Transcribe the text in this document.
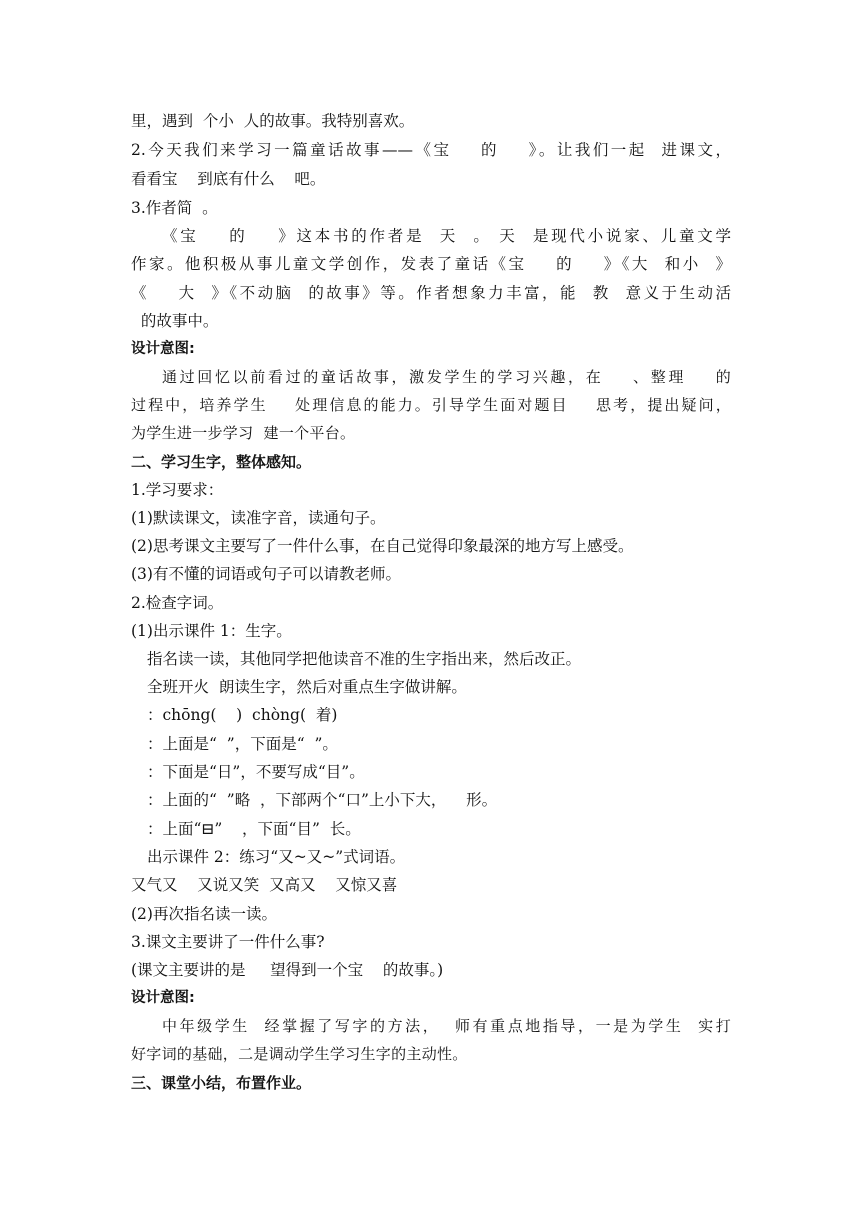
里，遇到  个小  人的故事。我特别喜欢。
2.今天我们来学习一篇童话故事——《宝    的    》。让我们一起  进课文，
看看宝    到底有什么    吧。
3.作者简  。
《宝    的    》这本书的作者是  天  。 天  是现代小说家、儿童文学
作家。他积极从事儿童文学创作，发表了童话《宝    的    》《大  和小  》
《    大  》《不动脑  的故事》等。作者想象力丰富，能  教  意义于生动活
的故事中。
设计意图:
通过回忆以前看过的童话故事，激发学生的学习兴趣，在    、整理    的
过程中，培养学生    处理信息的能力。引导学生面对题目    思考，提出疑问，
为学生进一步学习  建一个平台。
二、学习生字，整体感知。
1.学习要求：
(1)默读课文，读准字音，读通句子。
(2)思考课文主要写了一件什么事，在自己觉得印象最深的地方写上感受。
(3)有不懂的词语或句子可以请教老师。
2.检查字词。
(1)出示课件 1：生字。
指名读一读，其他同学把他读音不准的生字指出来，然后改正。
全班开火  朗读生字，然后对重点生字做讲解。
：chōng(    )  chòng(  着)
：上面是“  ”，下面是“  ”。
：下面是“日”，不要写成“目”。
：上面的“  ”略  ，下部两个“口”上小下大，    形。
：上面“⊟”    ，下面“目”  长。
出示课件 2：练习“又~又~”式词语。
又气又    又说又笑  又高又    又惊又喜
(2)再次指名读一读。
3.课文主要讲了一件什么事?
(课文主要讲的是     望得到一个宝    的故事。)
设计意图:
中年级学生  经掌握了写字的方法，  师有重点地指导，一是为学生  实打
好字词的基础，二是调动学生学习生字的主动性。
三、课堂小结，布置作业。
